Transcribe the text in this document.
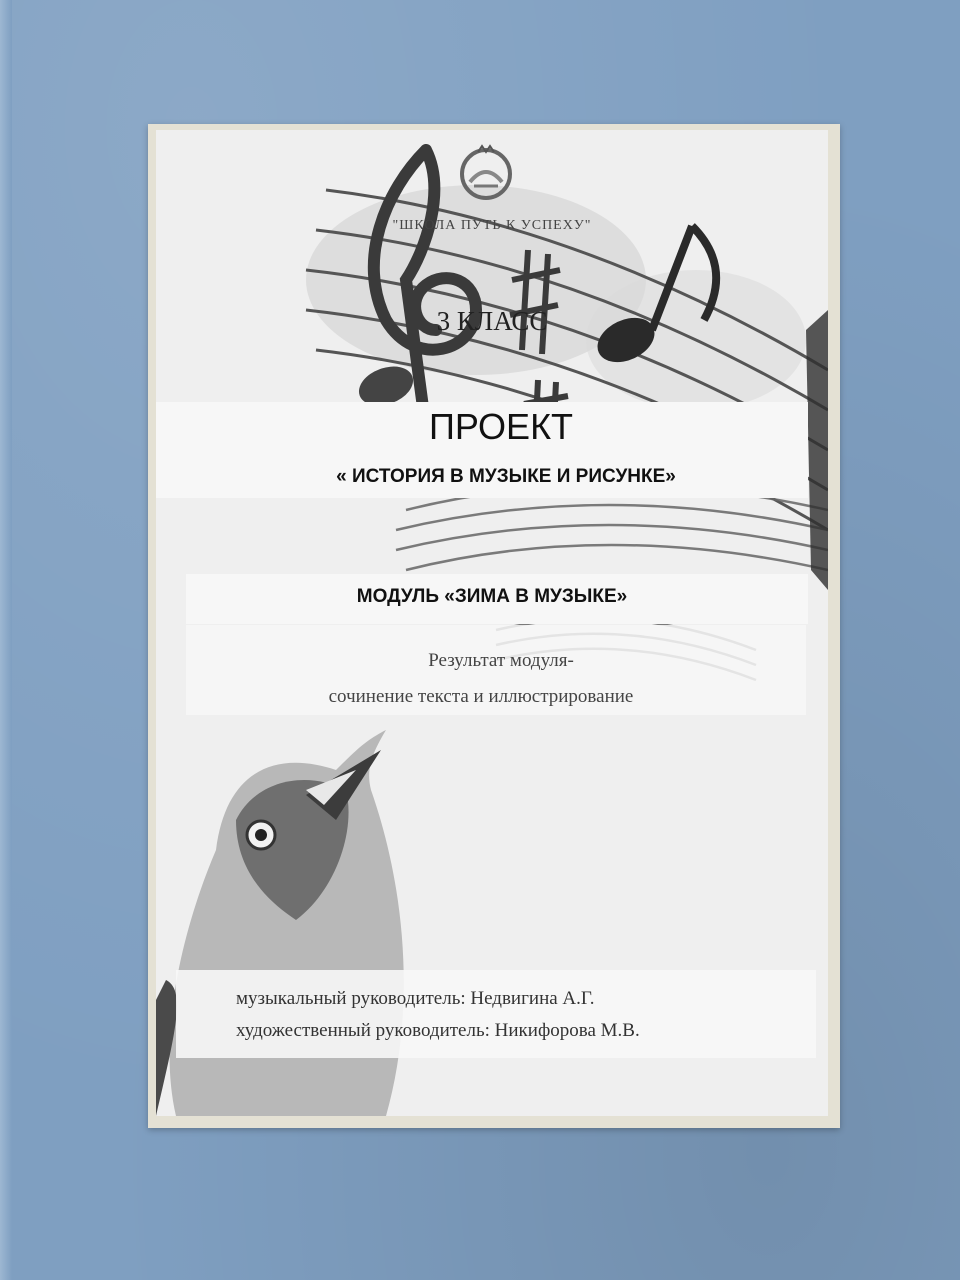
"ШКОЛА ПУТЬ К УСПЕХУ"
3 КЛАСС
ПРОЕКТ
« ИСТОРИЯ В МУЗЫКЕ И РИСУНКЕ»
МОДУЛЬ «ЗИМА В МУЗЫКЕ»
Результат модуля-
сочинение текста и иллюстрирование
музыкальный руководитель: Недвигина А.Г.
художественный руководитель: Никифорова М.В.
